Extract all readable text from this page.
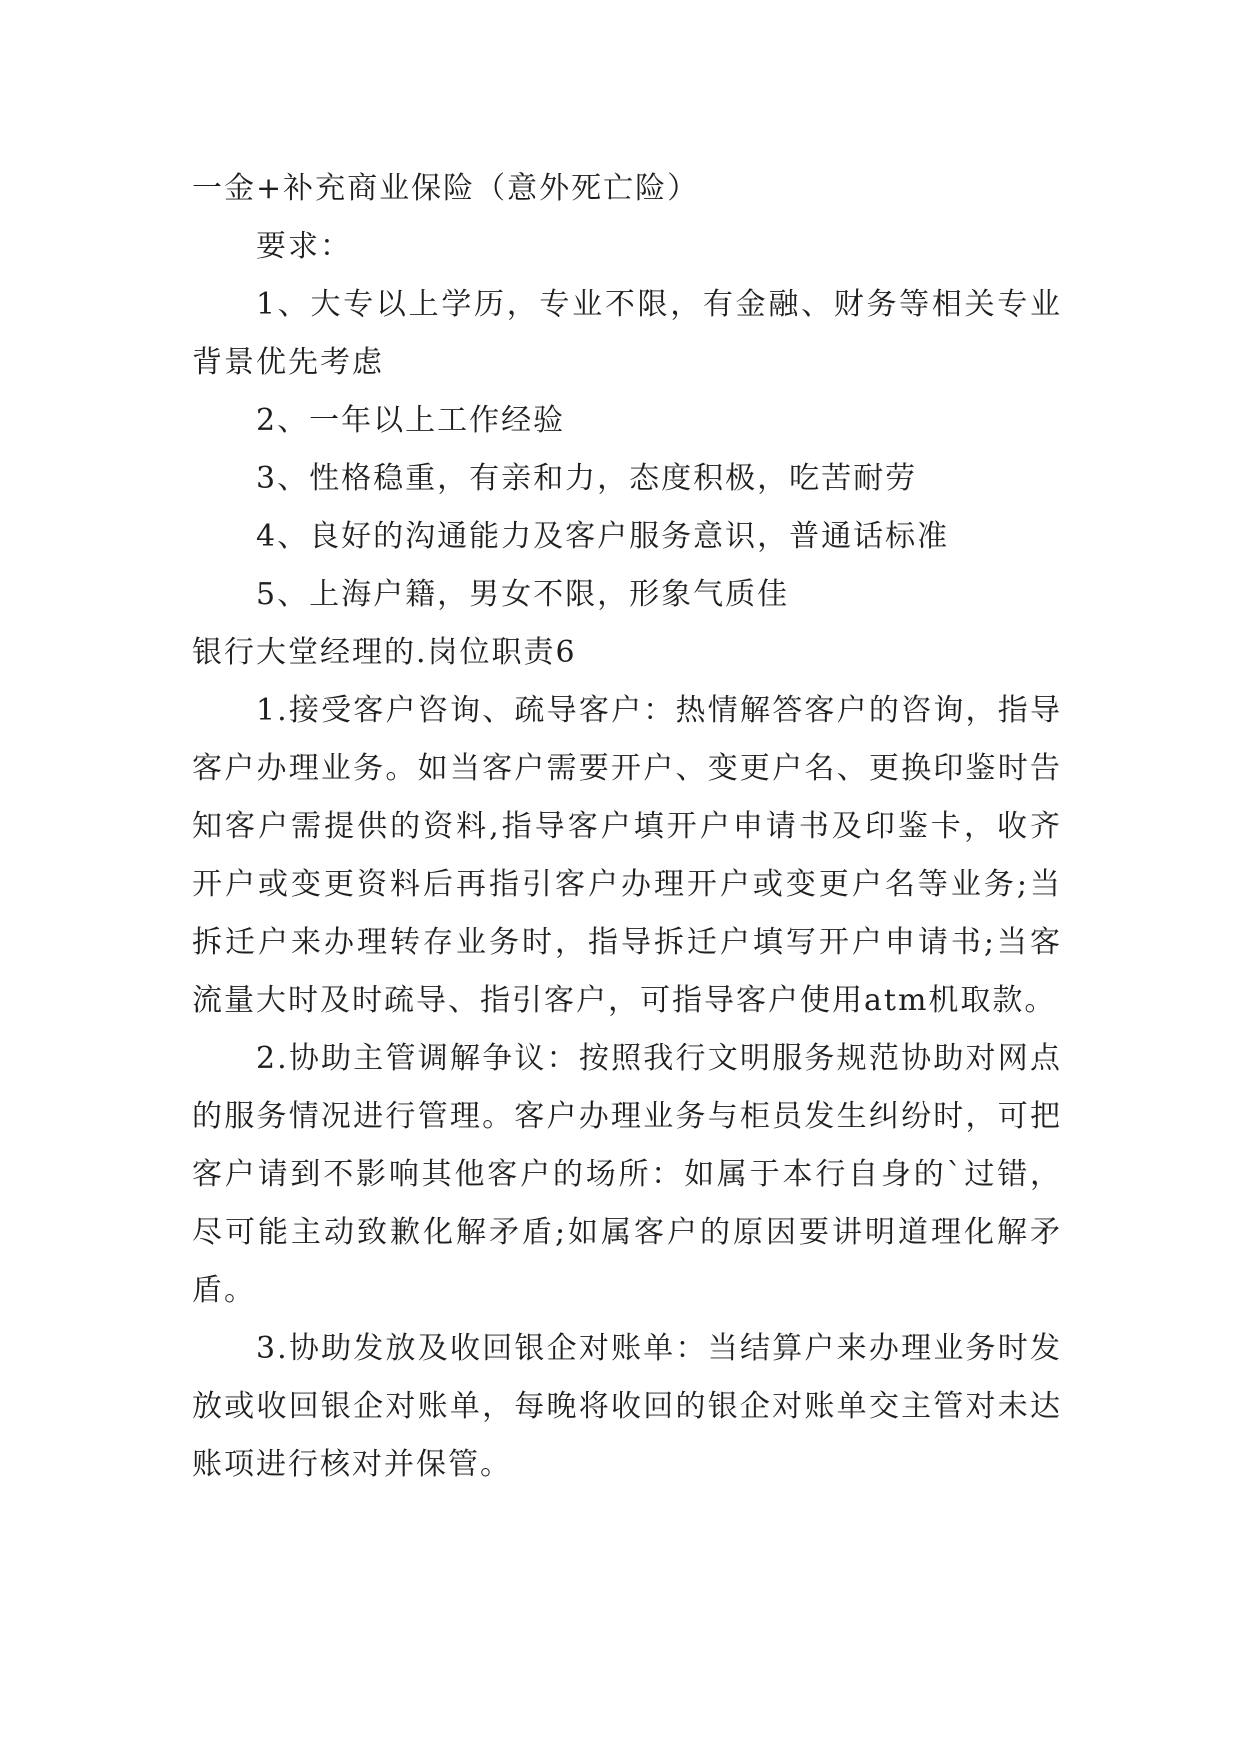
一金+补充商业保险（意外死亡险）

要求：

1、大专以上学历，专业不限，有金融、财务等相关专业背景优先考虑

2、一年以上工作经验

3、性格稳重，有亲和力，态度积极，吃苦耐劳

4、良好的沟通能力及客户服务意识，普通话标准

5、上海户籍，男女不限，形象气质佳

银行大堂经理的.岗位职责6

1.接受客户咨询、疏导客户：热情解答客户的咨询，指导客户办理业务。如当客户需要开户、变更户名、更换印鉴时告知客户需提供的资料,指导客户填开户申请书及印鉴卡，收齐开户或变更资料后再指引客户办理开户或变更户名等业务;当拆迁户来办理转存业务时，指导拆迁户填写开户申请书;当客流量大时及时疏导、指引客户，可指导客户使用atm机取款。

2.协助主管调解争议：按照我行文明服务规范协助对网点的服务情况进行管理。客户办理业务与柜员发生纠纷时，可把客户请到不影响其他客户的场所：如属于本行自身的`过错，尽可能主动致歉化解矛盾;如属客户的原因要讲明道理化解矛盾。

3.协助发放及收回银企对账单：当结算户来办理业务时发放或收回银企对账单，每晚将收回的银企对账单交主管对未达账项进行核对并保管。
